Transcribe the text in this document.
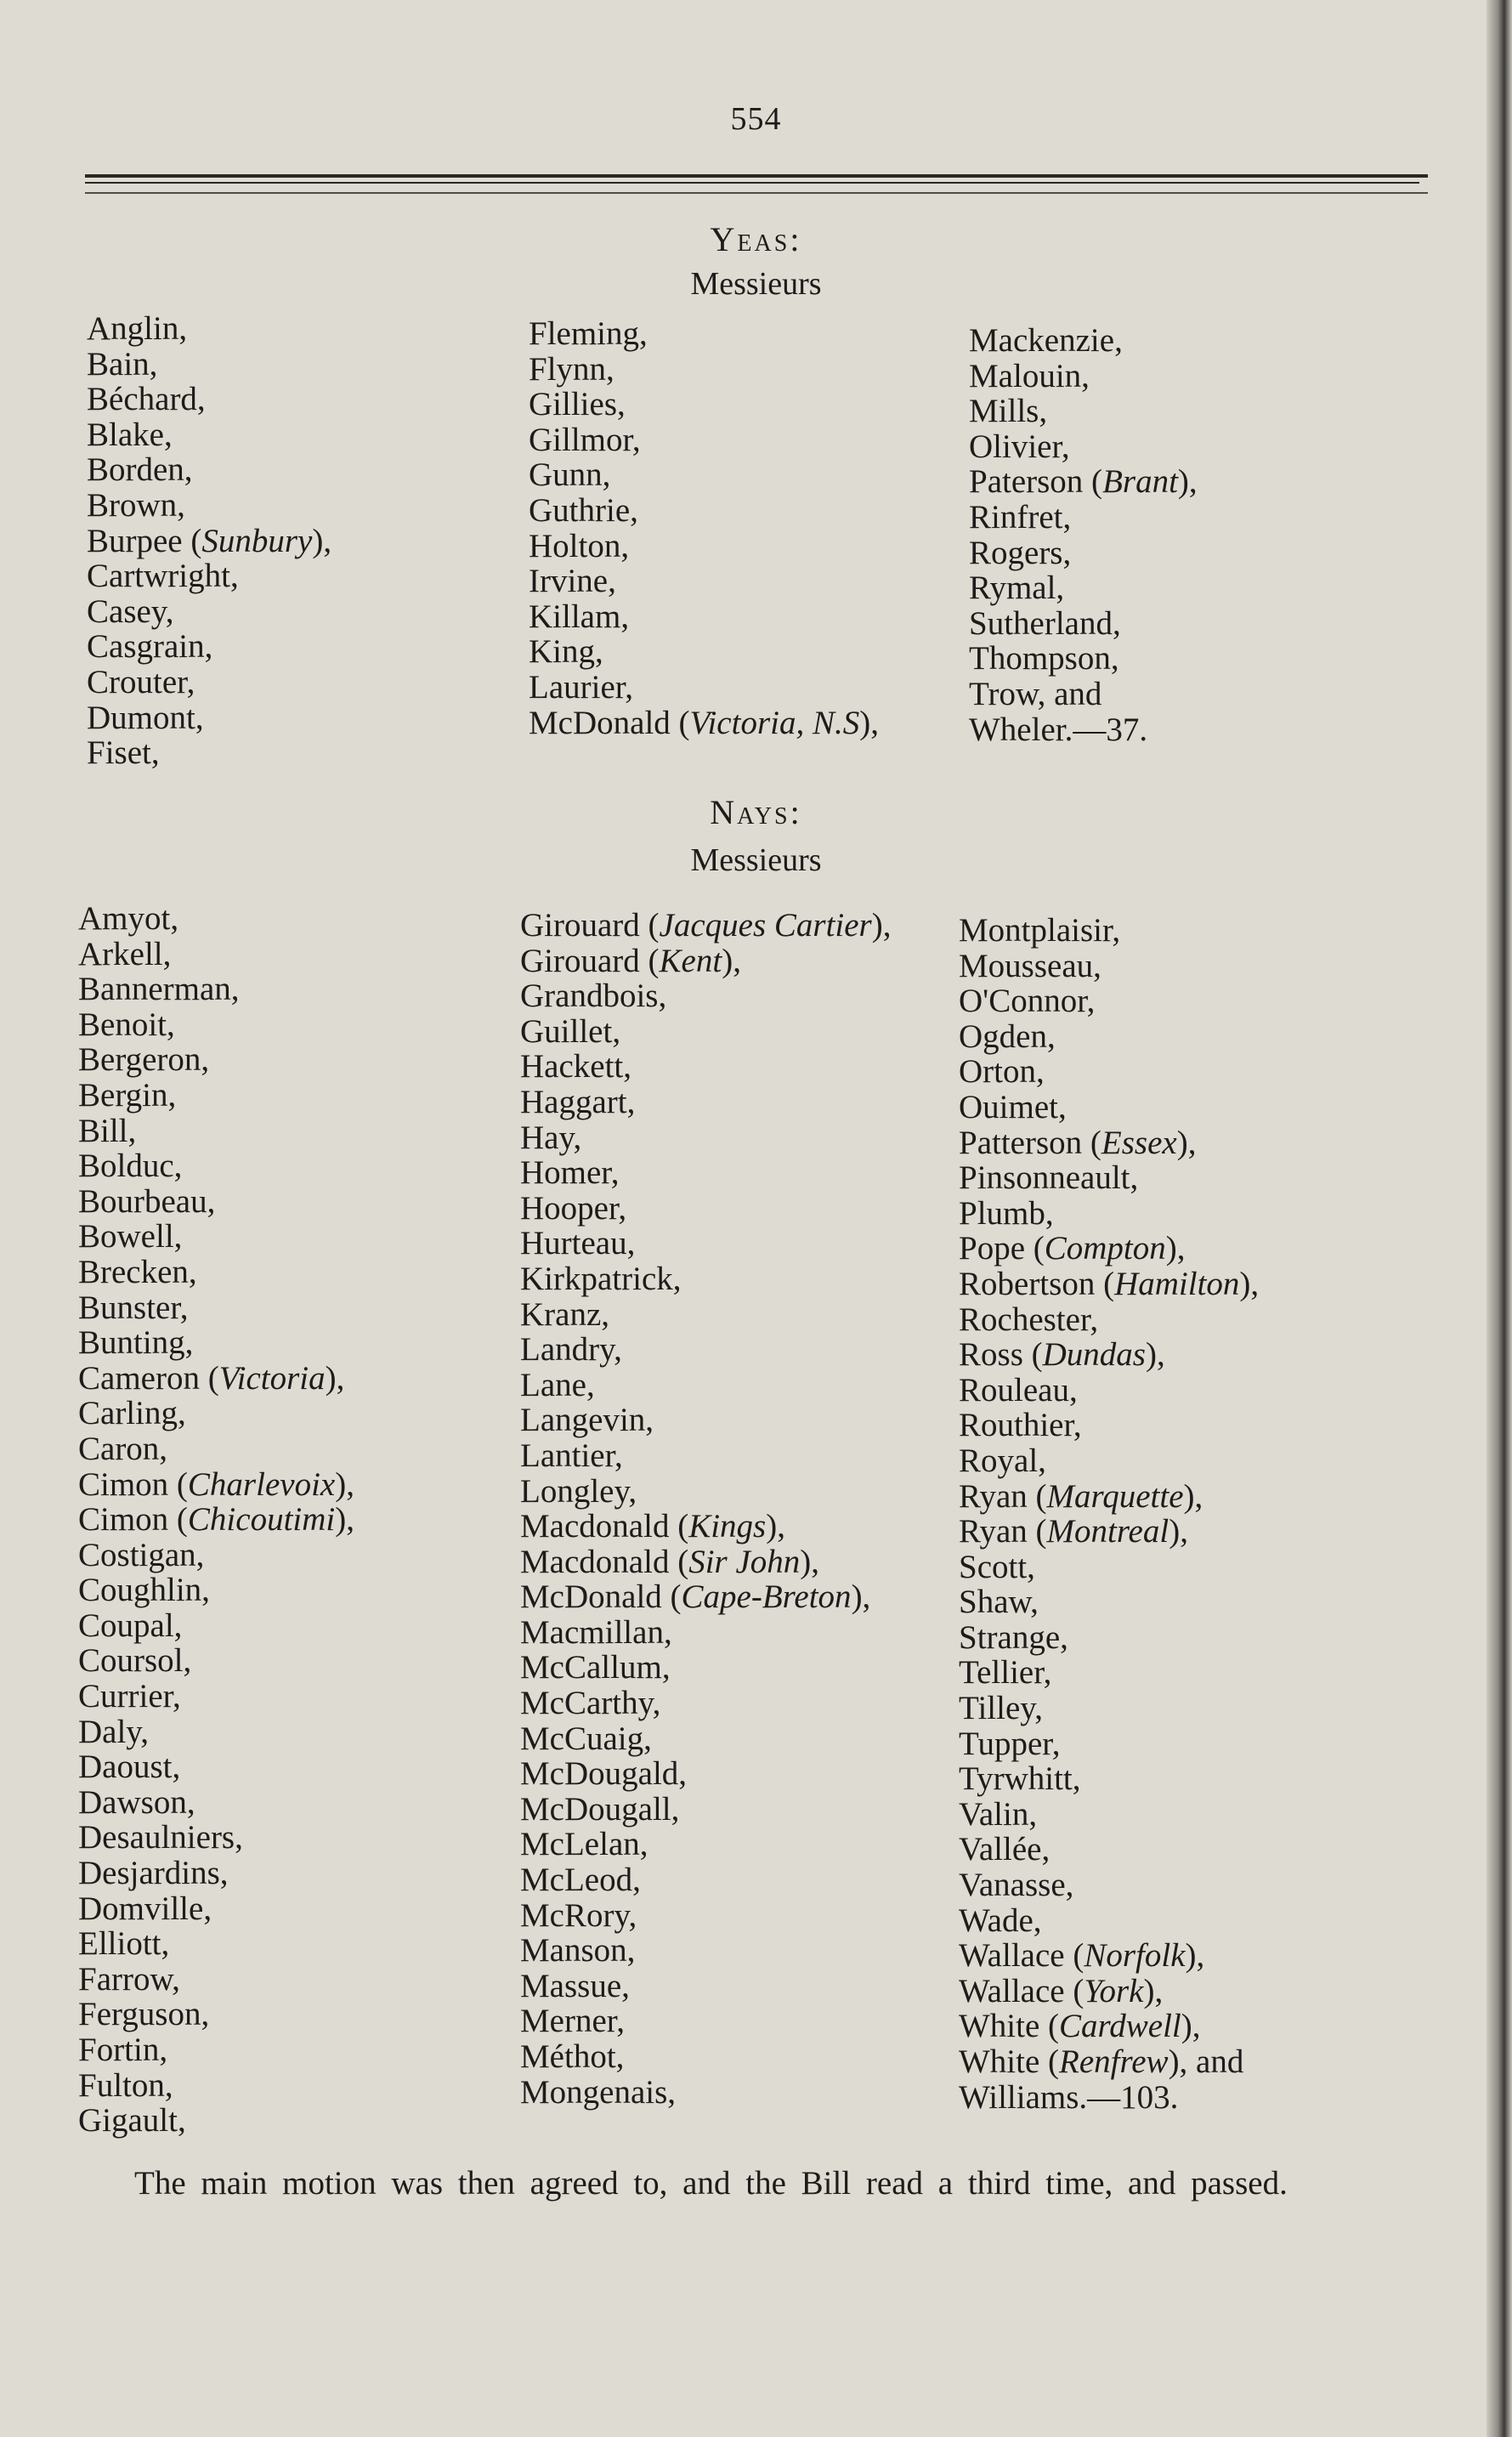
554
Yeas:
Messieurs
Anglin,
Bain,
Béchard,
Blake,
Borden,
Brown,
Burpee (Sunbury),
Cartwright,
Casey,
Casgrain,
Crouter,
Dumont,
Fiset,
Fleming,
Flynn,
Gillies,
Gillmor,
Gunn,
Guthrie,
Holton,
Irvine,
Killam,
King,
Laurier,
McDonald (Victoria, N.S),
Mackenzie,
Malouin,
Mills,
Olivier,
Paterson (Brant),
Rinfret,
Rogers,
Rymal,
Sutherland,
Thompson,
Trow, and
Wheler.—37.
Nays:
Messieurs
Amyot,
Arkell,
Bannerman,
Benoit,
Bergeron,
Bergin,
Bill,
Bolduc,
Bourbeau,
Bowell,
Brecken,
Bunster,
Bunting,
Cameron (Victoria),
Carling,
Caron,
Cimon (Charlevoix),
Cimon (Chicoutimi),
Costigan,
Coughlin,
Coupal,
Coursol,
Currier,
Daly,
Daoust,
Dawson,
Desaulniers,
Desjardins,
Domville,
Elliott,
Farrow,
Ferguson,
Fortin,
Fulton,
Gigault,
Girouard (Jacques Cartier),
Girouard (Kent),
Grandbois,
Guillet,
Hackett,
Haggart,
Hay,
Homer,
Hooper,
Hurteau,
Kirkpatrick,
Kranz,
Landry,
Lane,
Langevin,
Lantier,
Longley,
Macdonald (Kings),
Macdonald (Sir John),
McDonald (Cape-Breton),
Macmillan,
McCallum,
McCarthy,
McCuaig,
McDougald,
McDougall,
McLelan,
McLeod,
McRory,
Manson,
Massue,
Merner,
Méthot,
Mongenais,
Montplaisir,
Mousseau,
O'Connor,
Ogden,
Orton,
Ouimet,
Patterson (Essex),
Pinsonneault,
Plumb,
Pope (Compton),
Robertson (Hamilton),
Rochester,
Ross (Dundas),
Rouleau,
Routhier,
Royal,
Ryan (Marquette),
Ryan (Montreal),
Scott,
Shaw,
Strange,
Tellier,
Tilley,
Tupper,
Tyrwhitt,
Valin,
Vallée,
Vanasse,
Wade,
Wallace (Norfolk),
Wallace (York),
White (Cardwell),
White (Renfrew), and
Williams.—103.
The main motion was then agreed to, and the Bill read a third time, and passed.
